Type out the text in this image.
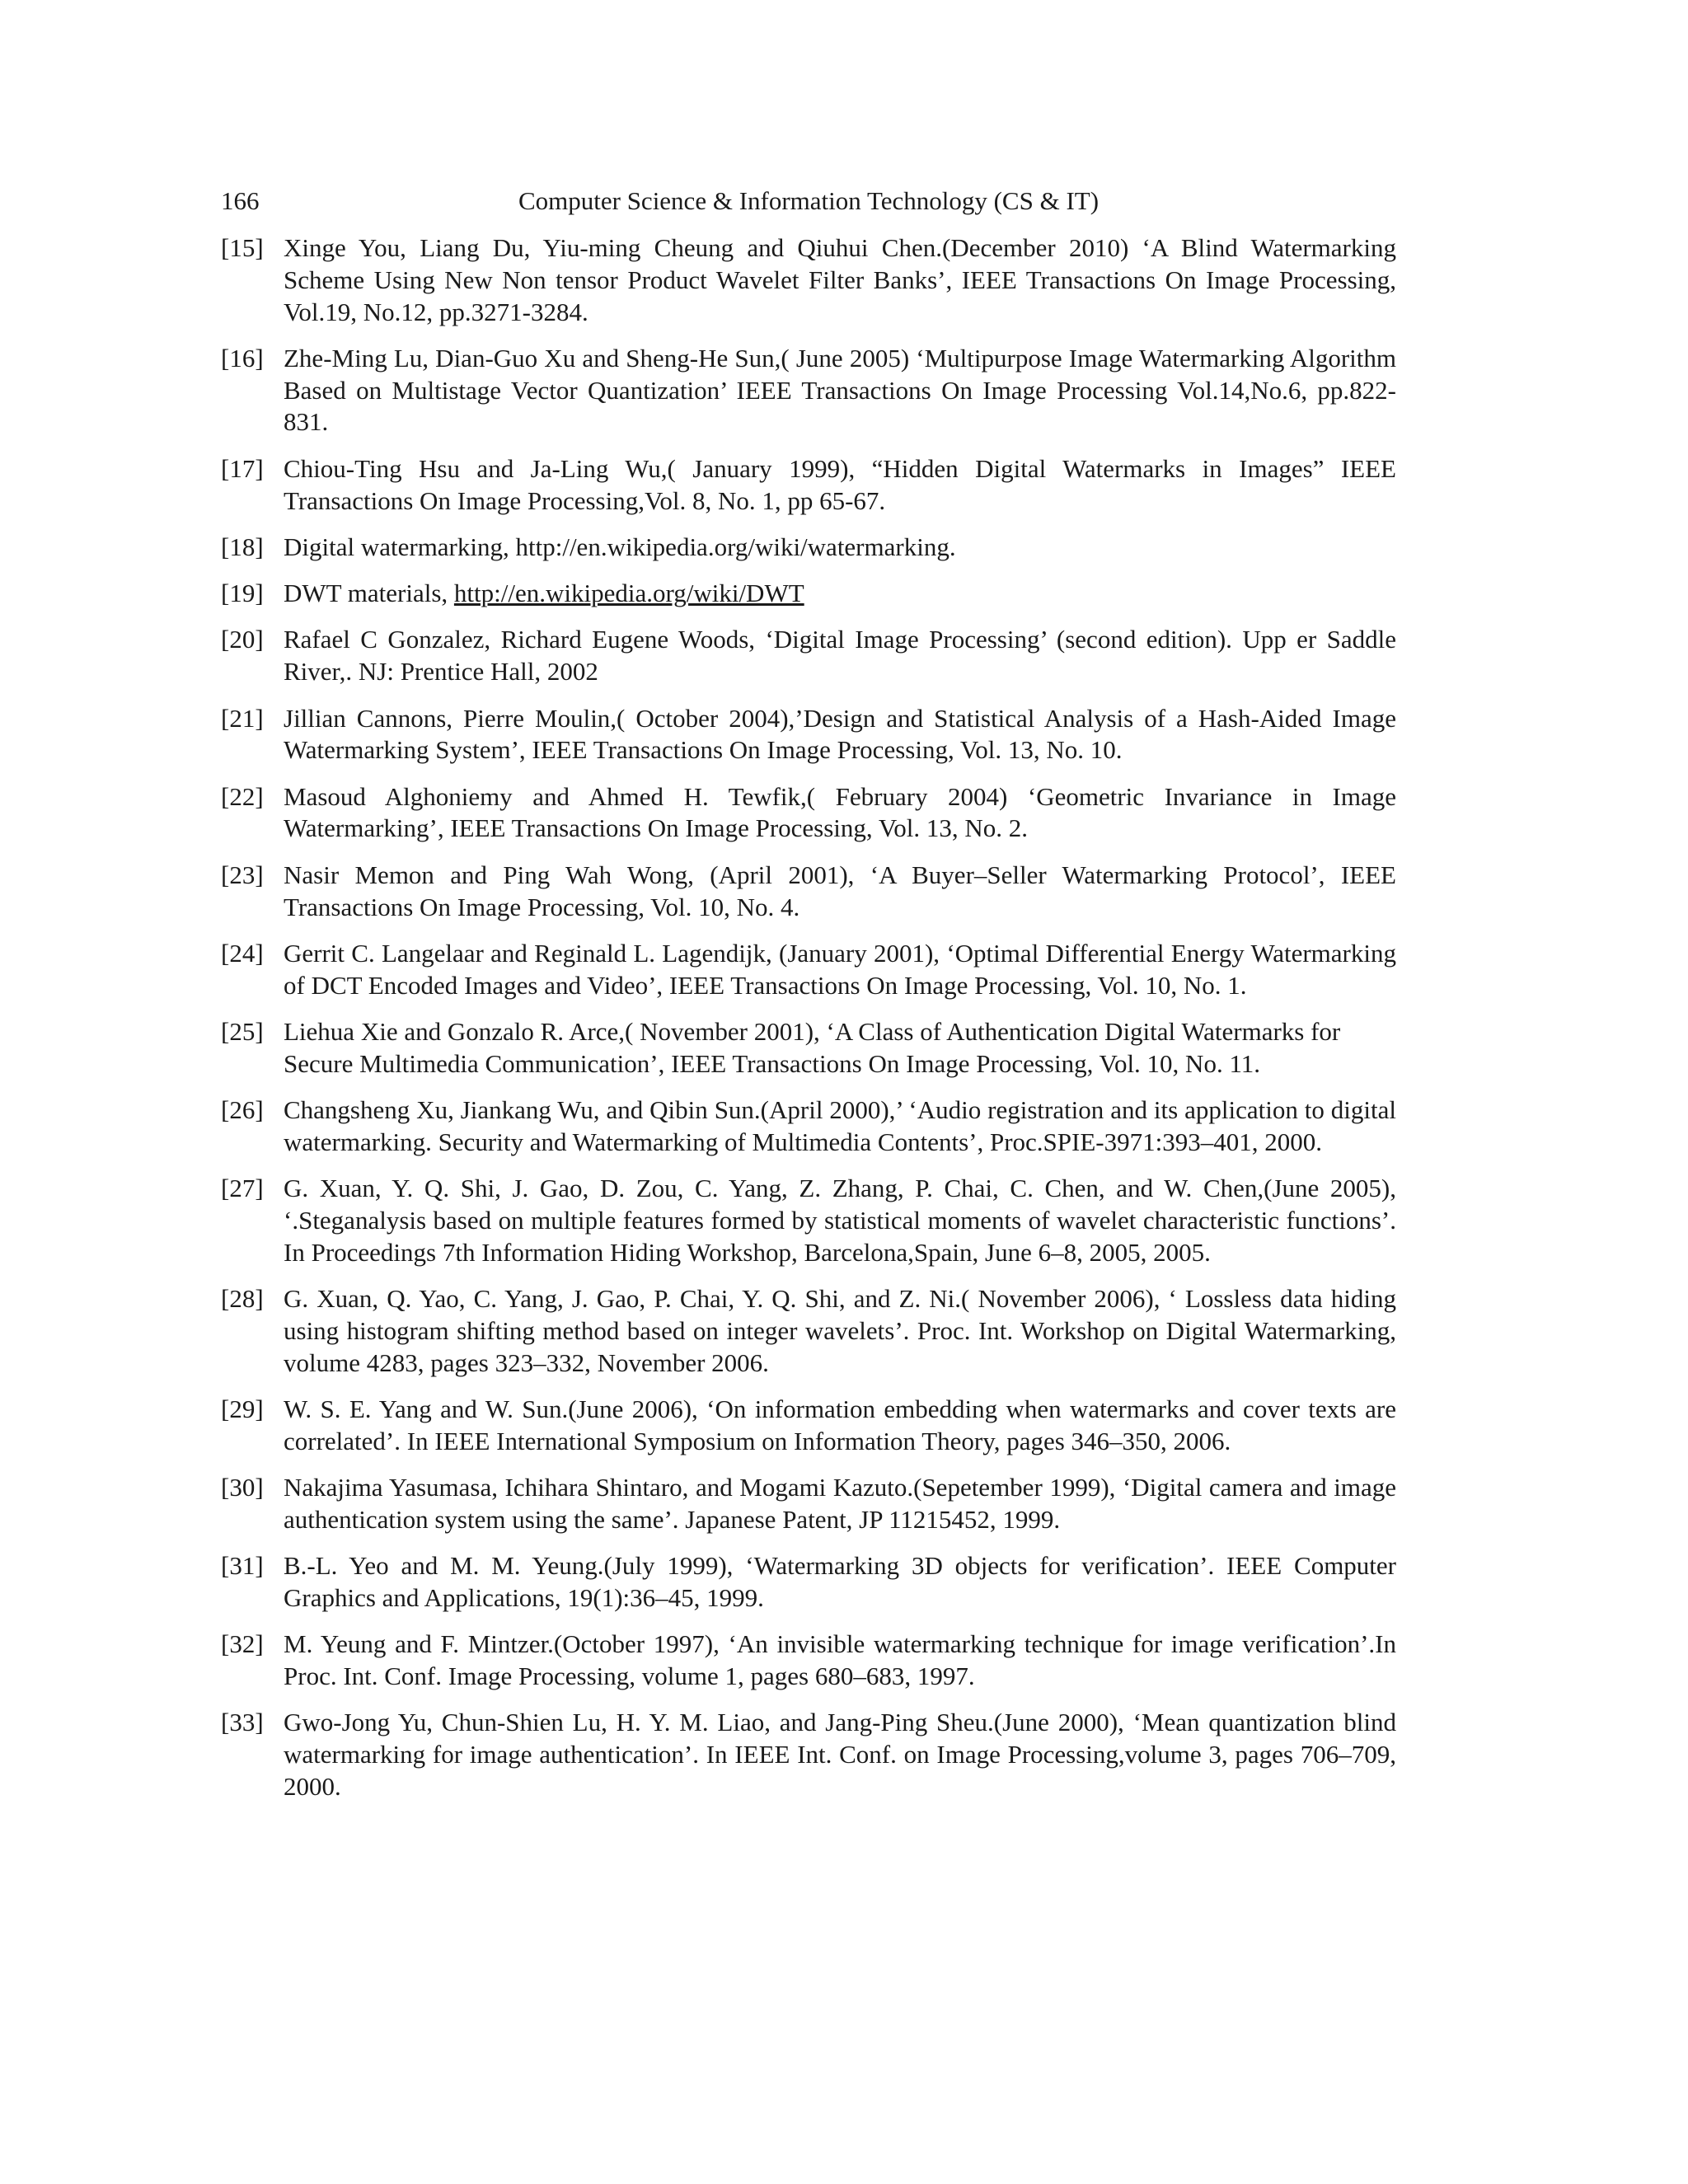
166	Computer Science & Information Technology (CS & IT)
[15] Xinge You, Liang Du, Yiu-ming Cheung and Qiuhui Chen.(December 2010) ‘A Blind Watermarking Scheme Using New Non tensor Product Wavelet Filter Banks’, IEEE Transactions On Image Processing, Vol.19, No.12, pp.3271-3284.
[16] Zhe-Ming Lu, Dian-Guo Xu and Sheng-He Sun,( June 2005) ‘Multipurpose Image Watermarking Algorithm Based on Multistage Vector Quantization’ IEEE Transactions On Image Processing Vol.14,No.6, pp.822-831.
[17] Chiou-Ting Hsu and Ja-Ling Wu,( January 1999), “Hidden Digital Watermarks in Images” IEEE Transactions On Image Processing,Vol. 8, No. 1, pp 65-67.
[18] Digital watermarking, http://en.wikipedia.org/wiki/watermarking.
[19] DWT materials, http://en.wikipedia.org/wiki/DWT
[20] Rafael C Gonzalez, Richard Eugene Woods, ‘Digital Image Processing’ (second edition). Upp er Saddle River,. NJ: Prentice Hall, 2002
[21] Jillian Cannons, Pierre Moulin,( October 2004),’Design and Statistical Analysis of a Hash-Aided Image Watermarking System’, IEEE Transactions On Image Processing, Vol. 13, No. 10.
[22] Masoud Alghoniemy and Ahmed H. Tewfik,( February 2004) ‘Geometric Invariance in Image Watermarking’, IEEE Transactions On Image Processing, Vol. 13, No. 2.
[23] Nasir Memon and Ping Wah Wong, (April 2001), ‘A Buyer–Seller Watermarking Protocol’, IEEE Transactions On Image Processing, Vol. 10, No. 4.
[24] Gerrit C. Langelaar and Reginald L. Lagendijk, (January 2001), ‘Optimal Differential Energy Watermarking of DCT Encoded Images and Video’, IEEE Transactions On Image Processing, Vol. 10, No. 1.
[25] Liehua Xie and Gonzalo R. Arce,( November 2001), ‘A Class of Authentication Digital Watermarks for Secure Multimedia Communication’, IEEE Transactions On Image Processing, Vol. 10, No. 11.
[26] Changsheng Xu, Jiankang Wu, and Qibin Sun.(April 2000),’ ‘Audio registration and its application to digital watermarking. Security and Watermarking of Multimedia Contents’, Proc.SPIE-3971:393–401, 2000.
[27] G. Xuan, Y. Q. Shi, J. Gao, D. Zou, C. Yang, Z. Zhang, P. Chai, C. Chen, and W. Chen,(June 2005), ‘.Steganalysis based on multiple features formed by statistical moments of wavelet characteristic functions’. In Proceedings 7th Information Hiding Workshop, Barcelona,Spain, June 6–8, 2005, 2005.
[28] G. Xuan, Q. Yao, C. Yang, J. Gao, P. Chai, Y. Q. Shi, and Z. Ni.( November 2006), ‘ Lossless data hiding using histogram shifting method based on integer wavelets’. Proc. Int. Workshop on Digital Watermarking, volume 4283, pages 323–332, November 2006.
[29] W. S. E. Yang and W. Sun.(June 2006), ‘On information embedding when watermarks and cover texts are correlated’. In IEEE International Symposium on Information Theory, pages 346–350, 2006.
[30] Nakajima Yasumasa, Ichihara Shintaro, and Mogami Kazuto.(Sepetember 1999), ‘Digital camera and image authentication system using the same’. Japanese Patent, JP 11215452, 1999.
[31] B.-L. Yeo and M. M. Yeung.(July 1999), ‘Watermarking 3D objects for verification’. IEEE Computer Graphics and Applications, 19(1):36–45, 1999.
[32] M. Yeung and F. Mintzer.(October 1997), ‘An invisible watermarking technique for image verification’.In Proc. Int. Conf. Image Processing, volume 1, pages 680–683, 1997.
[33] Gwo-Jong Yu, Chun-Shien Lu, H. Y. M. Liao, and Jang-Ping Sheu.(June 2000), ‘Mean quantization blind watermarking for image authentication’. In IEEE Int. Conf. on Image Processing,volume 3, pages 706–709, 2000.
